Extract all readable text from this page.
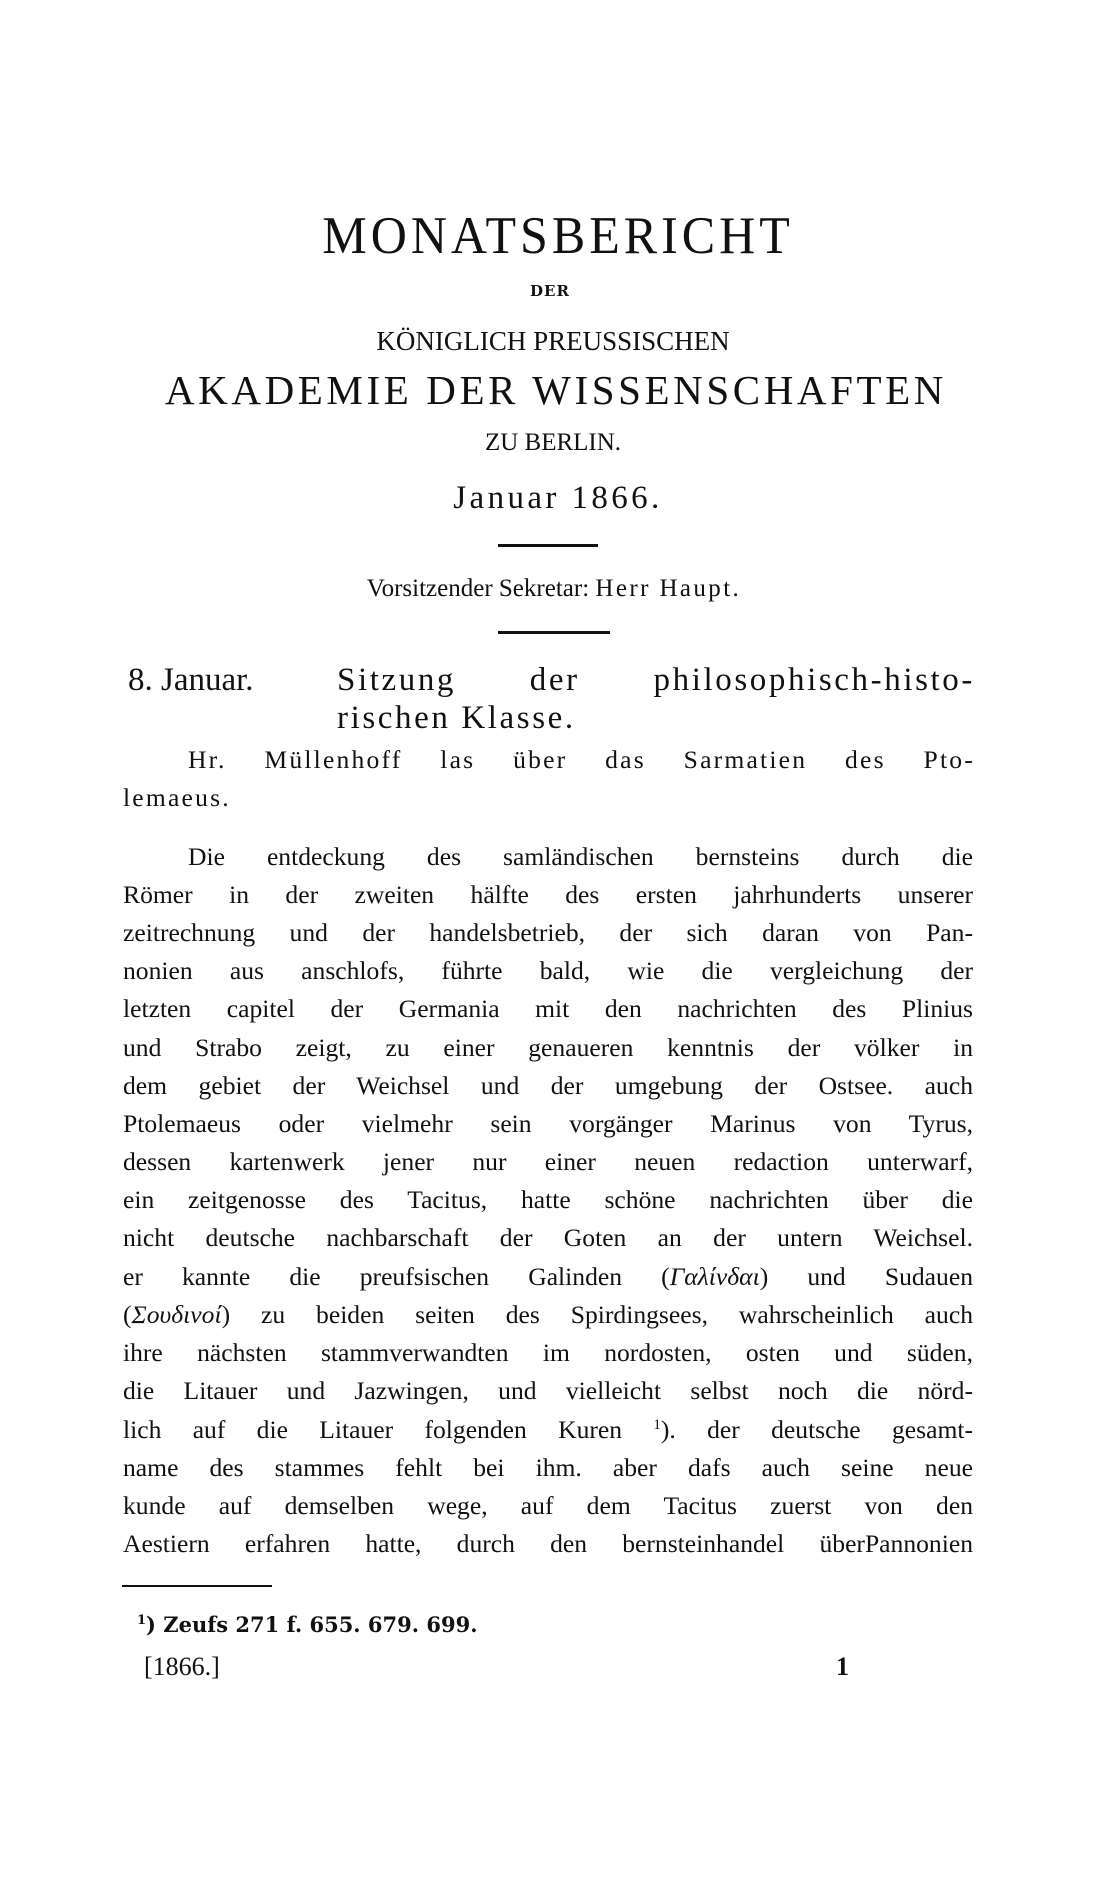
MONATSBERICHT
DER
KÖNIGLICH PREUSSISCHEN
AKADEMIE DER WISSENSCHAFTEN
ZU BERLIN.
Januar 1866.
Vorsitzender Sekretar: Herr Haupt.
8. Januar.	Sitzung der philosophisch-histo-
rischen Klasse.
Hr. Müllenhoff las über das Sarmatien des Pto-
lemaeus.
Die entdeckung des samländischen bernsteins durch die
Römer in der zweiten hälfte des ersten jahrhunderts unserer
zeitrechnung und der handelsbetrieb, der sich daran von Pan-
nonien aus anschlofs, führte bald, wie die vergleichung der
letzten capitel der Germania mit den nachrichten des Plinius
und Strabo zeigt, zu einer genaueren kenntnis der völker in
dem gebiet der Weichsel und der umgebung der Ostsee. auch
Ptolemaeus oder vielmehr sein vorgänger Marinus von Tyrus,
dessen kartenwerk jener nur einer neuen redaction unterwarf,
ein zeitgenosse des Tacitus, hatte schöne nachrichten über die
nicht deutsche nachbarschaft der Goten an der untern Weichsel.
er kannte die preufsischen Galinden (Γαλίνδαι) und Sudauen
(Σουδινοί) zu beiden seiten des Spirdingsees, wahrscheinlich auch
ihre nächsten stammverwandten im nordosten, osten und süden,
die Litauer und Jazwingen, und vielleicht selbst noch die nörd-
lich auf die Litauer folgenden Kuren $^1$). der deutsche gesamt-
name des stammes fehlt bei ihm. aber dafs auch seine neue
kunde auf demselben wege, auf dem Tacitus zuerst von den
Aestiern erfahren hatte, durch den bernsteinhandel überPannonien
$^1$) Zeufs 271 f. 655. 679. 699.
[1866.]	1
